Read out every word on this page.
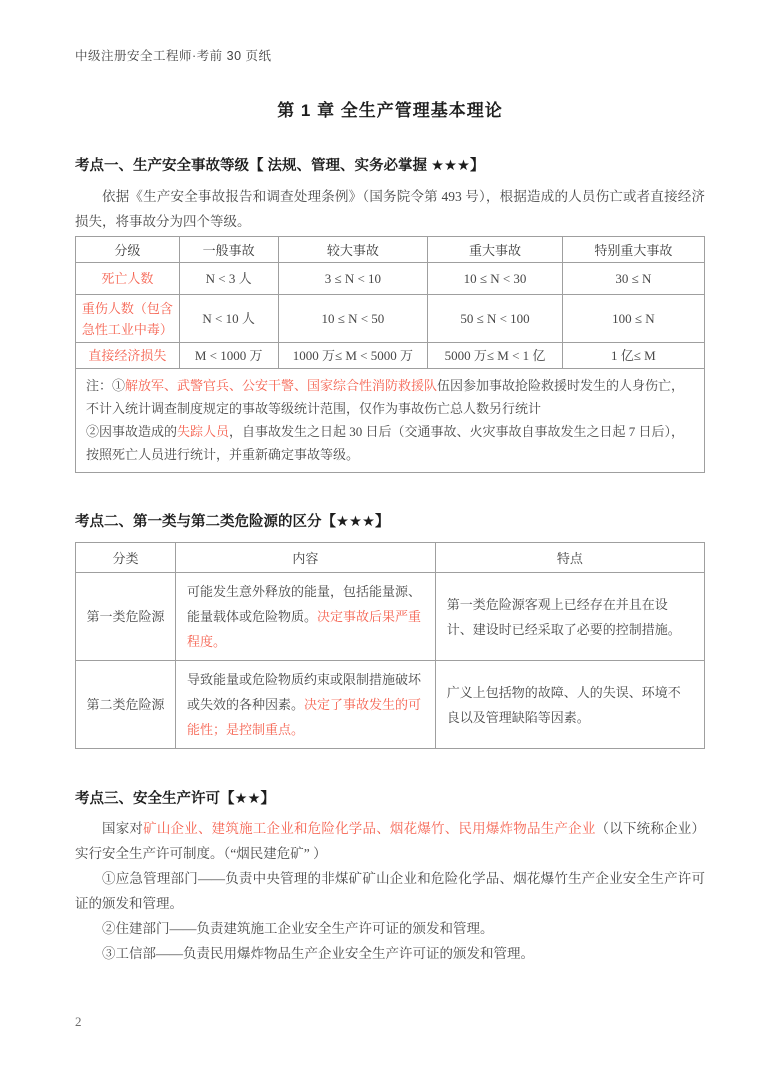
中级注册安全工程师·考前 30 页纸
第 1 章 全生产管理基本理论
考点一、生产安全事故等级【 法规、管理、实务必掌握 ★★★】

依据《生产安全事故报告和调查处理条例》（国务院令第 493 号），根据造成的人员伤亡或者直接经济损失，将事故分为四个等级。

分级	一般事故	较大事故	重大事故	特别重大事故
死亡人数	N < 3 人	3 ≤ N < 10	10 ≤ N < 30	30 ≤ N
重伤人数（包含急性工业中毒）	N < 10 人	10 ≤ N < 50	50 ≤ N < 100	100 ≤ N
直接经济损失	M < 1000 万	1000 万≤ M < 5000 万	5000 万≤ M < 1 亿	1 亿≤ M
注：①解放军、武警官兵、公安干警、国家综合性消防救援队伍因参加事故抢险救援时发生的人身伤亡，不计入统计调查制度规定的事故等级统计范围，仅作为事故伤亡总人数另行统计
②因事故造成的失踪人员，自事故发生之日起 30 日后（交通事故、火灾事故自事故发生之日起 7 日后），按照死亡人员进行统计，并重新确定事故等级。				
考点二、第一类与第二类危险源的区分【★★★】
分类	内容	特点
第一类危险源	可能发生意外释放的能量，包括能量源、能量载体或危险物质。决定事故后果严重程度。	第一类危险源客观上已经存在并且在设计、建设时已经采取了必要的控制措施。
第二类危险源	导致能量或危险物质约束或限制措施破坏或失效的各种因素。决定了事故发生的可能性；是控制重点。	广义上包括物的故障、人的失误、环境不良以及管理缺陷等因素。
考点三、安全生产许可【★★】

国家对矿山企业、建筑施工企业和危险化学品、烟花爆竹、民用爆炸物品生产企业（以下统称企业）实行安全生产许可制度。（“烟民建危矿” ）

①应急管理部门——负责中央管理的非煤矿矿山企业和危险化学品、烟花爆竹生产企业安全生产许可证的颁发和管理。

②住建部门——负责建筑施工企业安全生产许可证的颁发和管理。

③工信部——负责民用爆炸物品生产企业安全生产许可证的颁发和管理。

2
